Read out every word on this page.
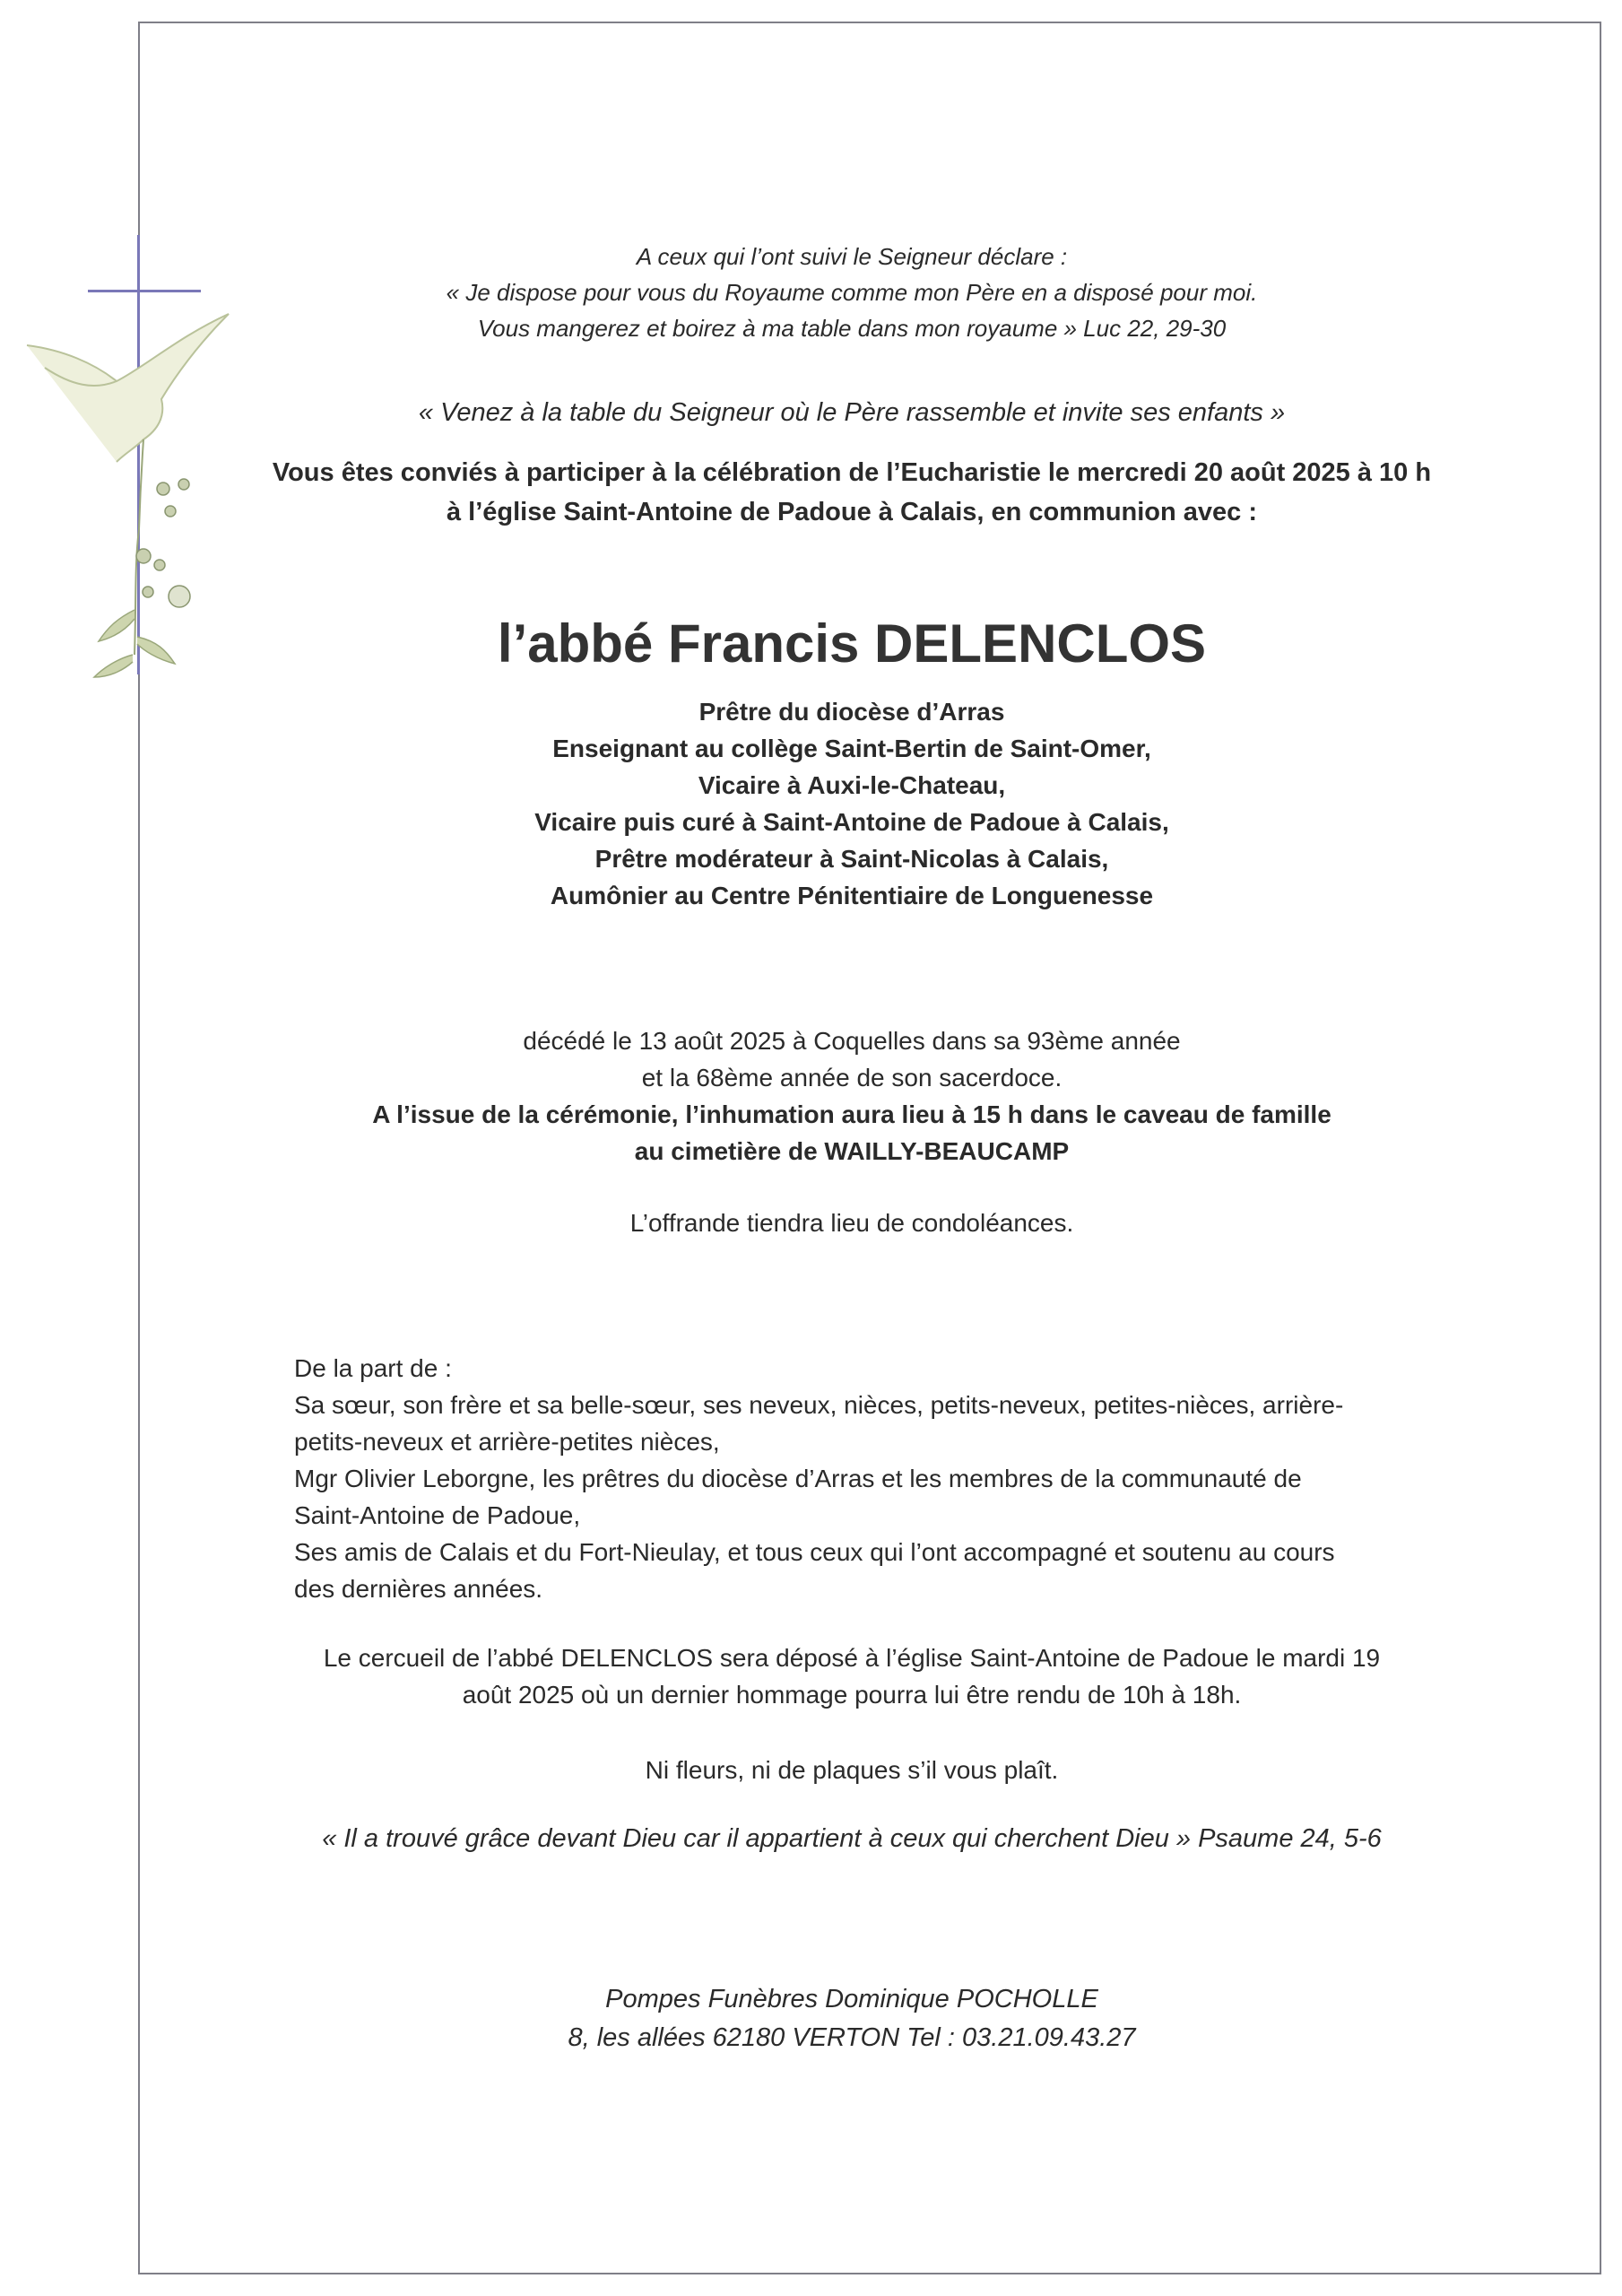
A ceux qui l’ont suivi le Seigneur déclare :
« Je dispose pour vous du Royaume comme mon Père en a disposé pour moi.
Vous mangerez et boirez à ma table dans mon royaume » Luc 22, 29-30
« Venez à la table du Seigneur où le Père rassemble et invite ses enfants »
Vous êtes conviés à participer à la célébration de l’Eucharistie le mercredi 20 août 2025 à 10 h
à l’église Saint-Antoine de Padoue à Calais, en communion avec :
l’abbé Francis DELENCLOS
Prêtre du diocèse d’Arras
Enseignant au collège Saint-Bertin de Saint-Omer,
Vicaire à Auxi-le-Chateau,
Vicaire puis curé à Saint-Antoine de Padoue à Calais,
Prêtre modérateur à Saint-Nicolas à Calais,
Aumônier au Centre Pénitentiaire de Longuenesse
décédé le 13 août 2025 à Coquelles dans sa 93ème année
et la 68ème année de son sacerdoce.
A l’issue de la cérémonie, l’inhumation aura lieu à 15 h dans le caveau de famille
au cimetière de WAILLY-BEAUCAMP
L’offrande tiendra lieu de condoléances.
De la part de :
Sa sœur, son frère et sa belle-sœur, ses neveux, nièces, petits-neveux, petites-nièces, arrière-
petits-neveux et arrière-petites nièces,
Mgr Olivier Leborgne, les prêtres du diocèse d’Arras et les membres de la communauté de
Saint-Antoine de Padoue,
Ses amis de Calais et du Fort-Nieulay, et tous ceux qui l’ont accompagné et soutenu au cours
des dernières années.
Le cercueil de l’abbé DELENCLOS sera déposé à l’église Saint-Antoine de Padoue le mardi 19
août 2025 où un dernier hommage pourra lui être rendu de 10h à 18h.
Ni fleurs, ni de plaques s’il vous plaît.
« Il a trouvé grâce devant Dieu car il appartient à ceux qui cherchent Dieu » Psaume 24, 5-6
Pompes Funèbres Dominique POCHOLLE
8, les allées 62180 VERTON Tel : 03.21.09.43.27
